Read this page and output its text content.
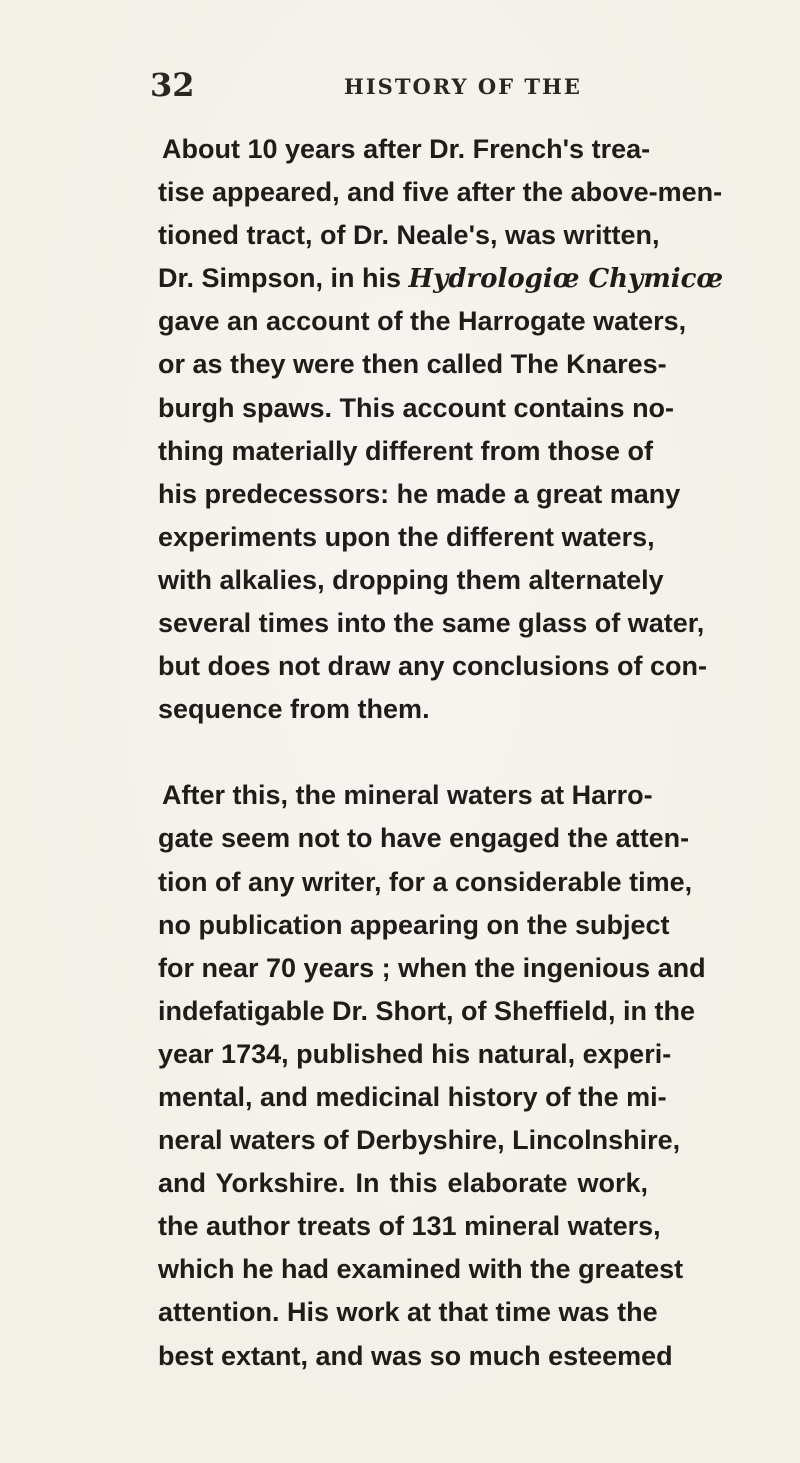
32	HISTORY OF THE

About 10 years after Dr. French's trea-
tise appeared, and five after the above-men-
tioned tract, of Dr. Neale's, was written,
Dr. Simpson, in his Hydrologiœ Chymicœ
gave an account of the Harrogate waters,
or as they were then called The Knares-
burgh spaws. This account contains no-
thing materially different from those of
his predecessors: he made a great many
experiments upon the different waters,
with alkalies, dropping them alternately
several times into the same glass of water,
but does not draw any conclusions of con-
sequence from them.

After this, the mineral waters at Harro-
gate seem not to have engaged the atten-
tion of any writer, for a considerable time,
no publication appearing on the subject
for near 70 years ; when the ingenious and
indefatigable Dr. Short, of Sheffield, in the
year 1734, published his natural, experi-
mental, and medicinal history of the mi-
neral waters of Derbyshire, Lincolnshire,
and Yorkshire. In this elaborate work,
the author treats of 131 mineral waters,
which he had examined with the greatest
attention. His work at that time was the
best extant, and was so much esteemed
